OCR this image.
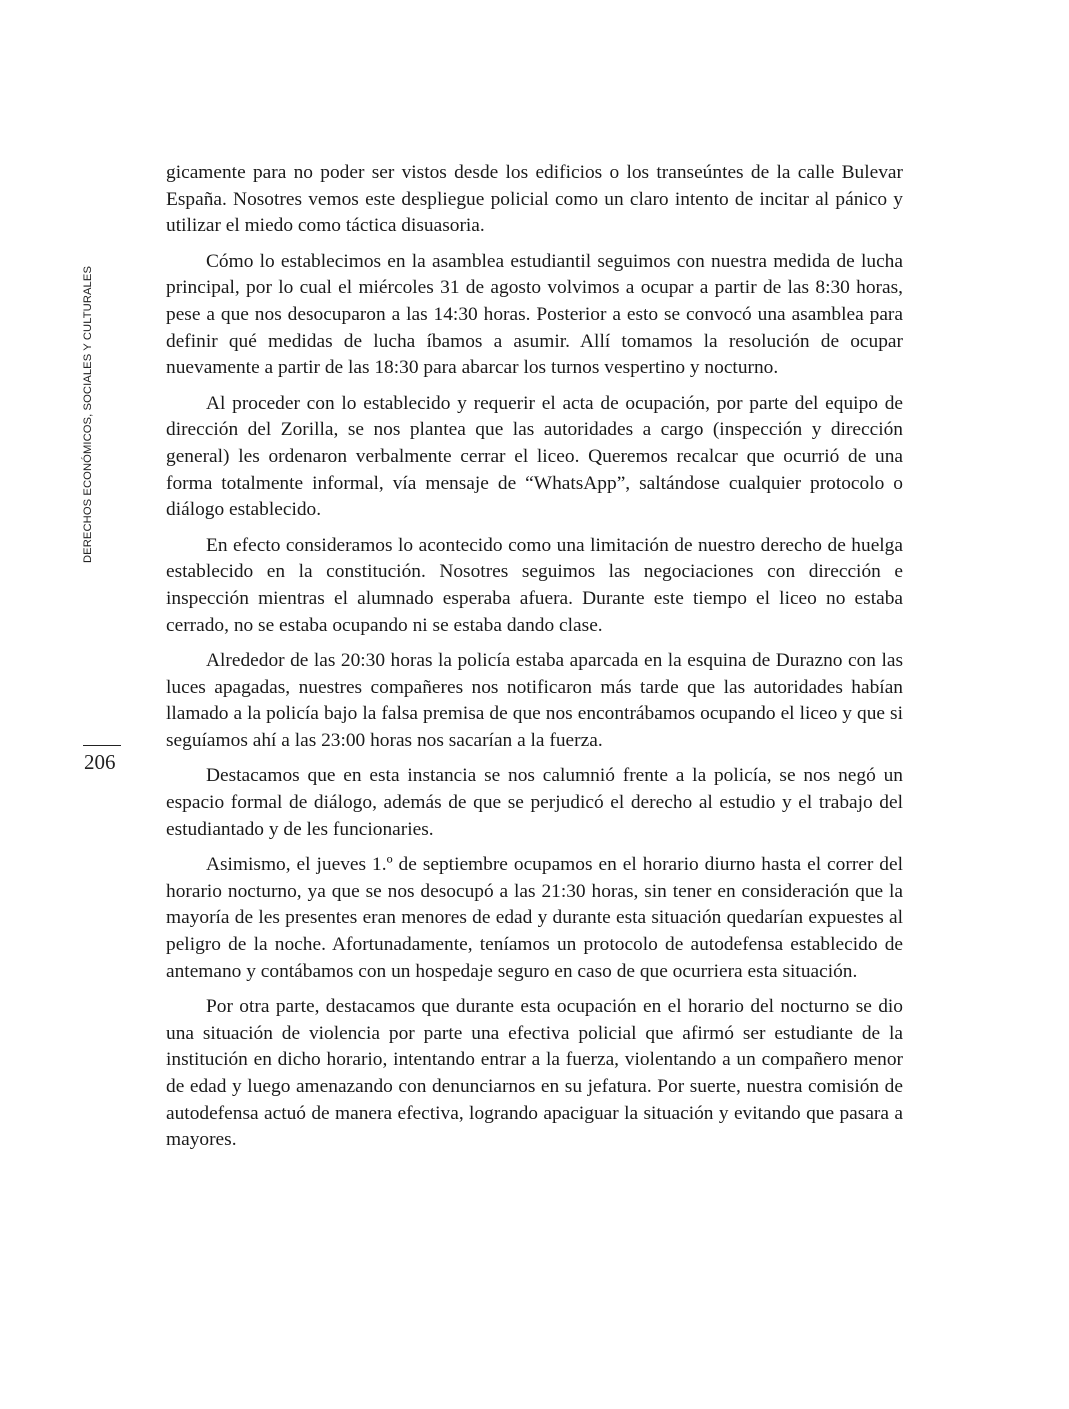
DERECHOS ECONÓMICOS, SOCIALES Y CULTURALES
206

gicamente para no poder ser vistos desde los edificios o los transeúntes de la calle Bulevar España. Nosotres vemos este despliegue policial como un claro intento de incitar al pánico y utilizar el miedo como táctica disuasoria.

Cómo lo establecimos en la asamblea estudiantil seguimos con nuestra medida de lucha principal, por lo cual el miércoles 31 de agosto volvimos a ocupar a partir de las 8:30 horas, pese a que nos desocuparon a las 14:30 horas. Posterior a esto se convocó una asamblea para definir qué medidas de lucha íbamos a asumir. Allí tomamos la resolución de ocupar nuevamente a partir de las 18:30 para abarcar los turnos vespertino y nocturno.

Al proceder con lo establecido y requerir el acta de ocupación, por parte del equipo de dirección del Zorilla, se nos plantea que las autoridades a cargo (inspección y dirección general) les ordenaron verbalmente cerrar el liceo. Queremos recalcar que ocurrió de una forma totalmente informal, vía mensaje de “WhatsApp”, saltándose cualquier protocolo o diálogo establecido.

En efecto consideramos lo acontecido como una limitación de nuestro derecho de huelga establecido en la constitución. Nosotres seguimos las negociaciones con dirección e inspección mientras el alumnado esperaba afuera. Durante este tiempo el liceo no estaba cerrado, no se estaba ocupando ni se estaba dando clase.

Alrededor de las 20:30 horas la policía estaba aparcada en la esquina de Durazno con las luces apagadas, nuestres compañeres nos notificaron más tarde que las autoridades habían llamado a la policía bajo la falsa premisa de que nos encontrábamos ocupando el liceo y que si seguíamos ahí a las 23:00 horas nos sacarían a la fuerza.

Destacamos que en esta instancia se nos calumnió frente a la policía, se nos negó un espacio formal de diálogo, además de que se perjudicó el derecho al estudio y el trabajo del estudiantado y de les funcionaries.

Asimismo, el jueves 1.º de septiembre ocupamos en el horario diurno hasta el correr del horario nocturno, ya que se nos desocupó a las 21:30 horas, sin tener en consideración que la mayoría de les presentes eran menores de edad y durante esta situación quedarían expuestes al peligro de la noche. Afortunadamente, teníamos un protocolo de autodefensa establecido de antemano y contábamos con un hospedaje seguro en caso de que ocurriera esta situación.

Por otra parte, destacamos que durante esta ocupación en el horario del nocturno se dio una situación de violencia por parte una efectiva policial que afirmó ser estudiante de la institución en dicho horario, intentando entrar a la fuerza, violentando a un compañero menor de edad y luego amenazando con denunciarnos en su jefatura. Por suerte, nuestra comisión de autodefensa actuó de manera efectiva, logrando apaciguar la situación y evitando que pasara a mayores.
